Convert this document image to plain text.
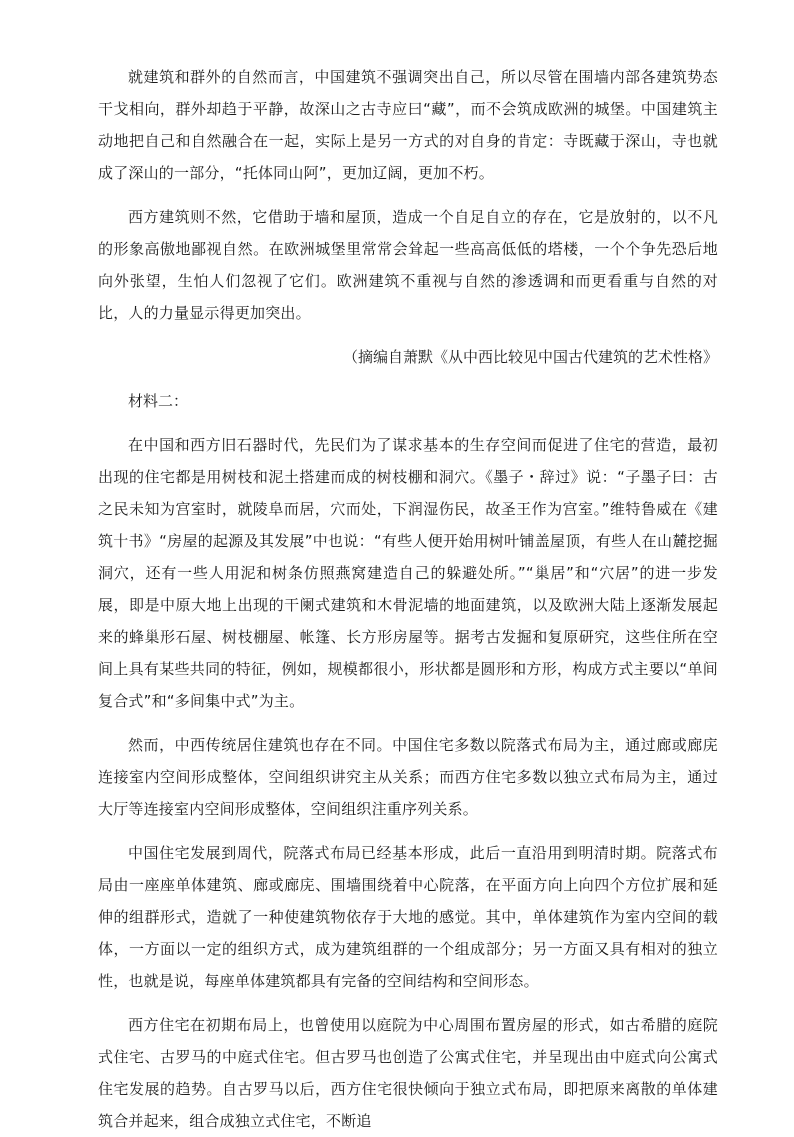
就建筑和群外的自然而言，中国建筑不强调突出自己，所以尽管在围墙内部各建筑势态干戈相向，群外却趋于平静，故深山之古寺应曰“藏”，而不会筑成欧洲的城堡。中国建筑主动地把自己和自然融合在一起，实际上是另一方式的对自身的肯定：寺既藏于深山，寺也就成了深山的一部分，“托体同山阿”，更加辽阔，更加不朽。

西方建筑则不然，它借助于墙和屋顶，造成一个自足自立的存在，它是放射的，以不凡的形象高傲地鄙视自然。在欧洲城堡里常常会耸起一些高高低低的塔楼，一个个争先恐后地向外张望，生怕人们忽视了它们。欧洲建筑不重视与自然的渗透调和而更看重与自然的对比，人的力量显示得更加突出。

（摘编自萧默《从中西比较见中国古代建筑的艺术性格》

材料二：

在中国和西方旧石器时代，先民们为了谋求基本的生存空间而促进了住宅的营造，最初出现的住宅都是用树枝和泥土搭建而成的树枝棚和洞穴。《墨子・辞过》说：“子墨子曰：古之民未知为宫室时，就陵阜而居，穴而处，下润湿伤民，故圣王作为宫室。”维特鲁威在《建筑十书》“房屋的起源及其发展”中也说：“有些人便开始用树叶铺盖屋顶，有些人在山麓挖掘洞穴，还有一些人用泥和树条仿照燕窝建造自己的躲避处所。”“巢居”和“穴居”的进一步发展，即是中原大地上出现的干阑式建筑和木骨泥墙的地面建筑，以及欧洲大陆上逐渐发展起来的蜂巢形石屋、树枝棚屋、帐篷、长方形房屋等。据考古发掘和复原研究，这些住所在空间上具有某些共同的特征，例如，规模都很小，形状都是圆形和方形，构成方式主要以“单间复合式”和“多间集中式”为主。

然而，中西传统居住建筑也存在不同。中国住宅多数以院落式布局为主，通过廊或廊庑连接室内空间形成整体，空间组织讲究主从关系；而西方住宅多数以独立式布局为主，通过大厅等连接室内空间形成整体，空间组织注重序列关系。

中国住宅发展到周代，院落式布局已经基本形成，此后一直沿用到明清时期。院落式布局由一座座单体建筑、廊或廊庑、围墙围绕着中心院落，在平面方向上向四个方位扩展和延伸的组群形式，造就了一种使建筑物依存于大地的感觉。其中，单体建筑作为室内空间的载体，一方面以一定的组织方式，成为建筑组群的一个组成部分；另一方面又具有相对的独立性，也就是说，每座单体建筑都具有完备的空间结构和空间形态。

西方住宅在初期布局上，也曾使用以庭院为中心周围布置房屋的形式，如古希腊的庭院式住宅、古罗马的中庭式住宅。但古罗马也创造了公寓式住宅，并呈现出由中庭式向公寓式住宅发展的趋势。自古罗马以后，西方住宅很快倾向于独立式布局，即把原来离散的单体建筑合并起来，组合成独立式住宅，不断追
